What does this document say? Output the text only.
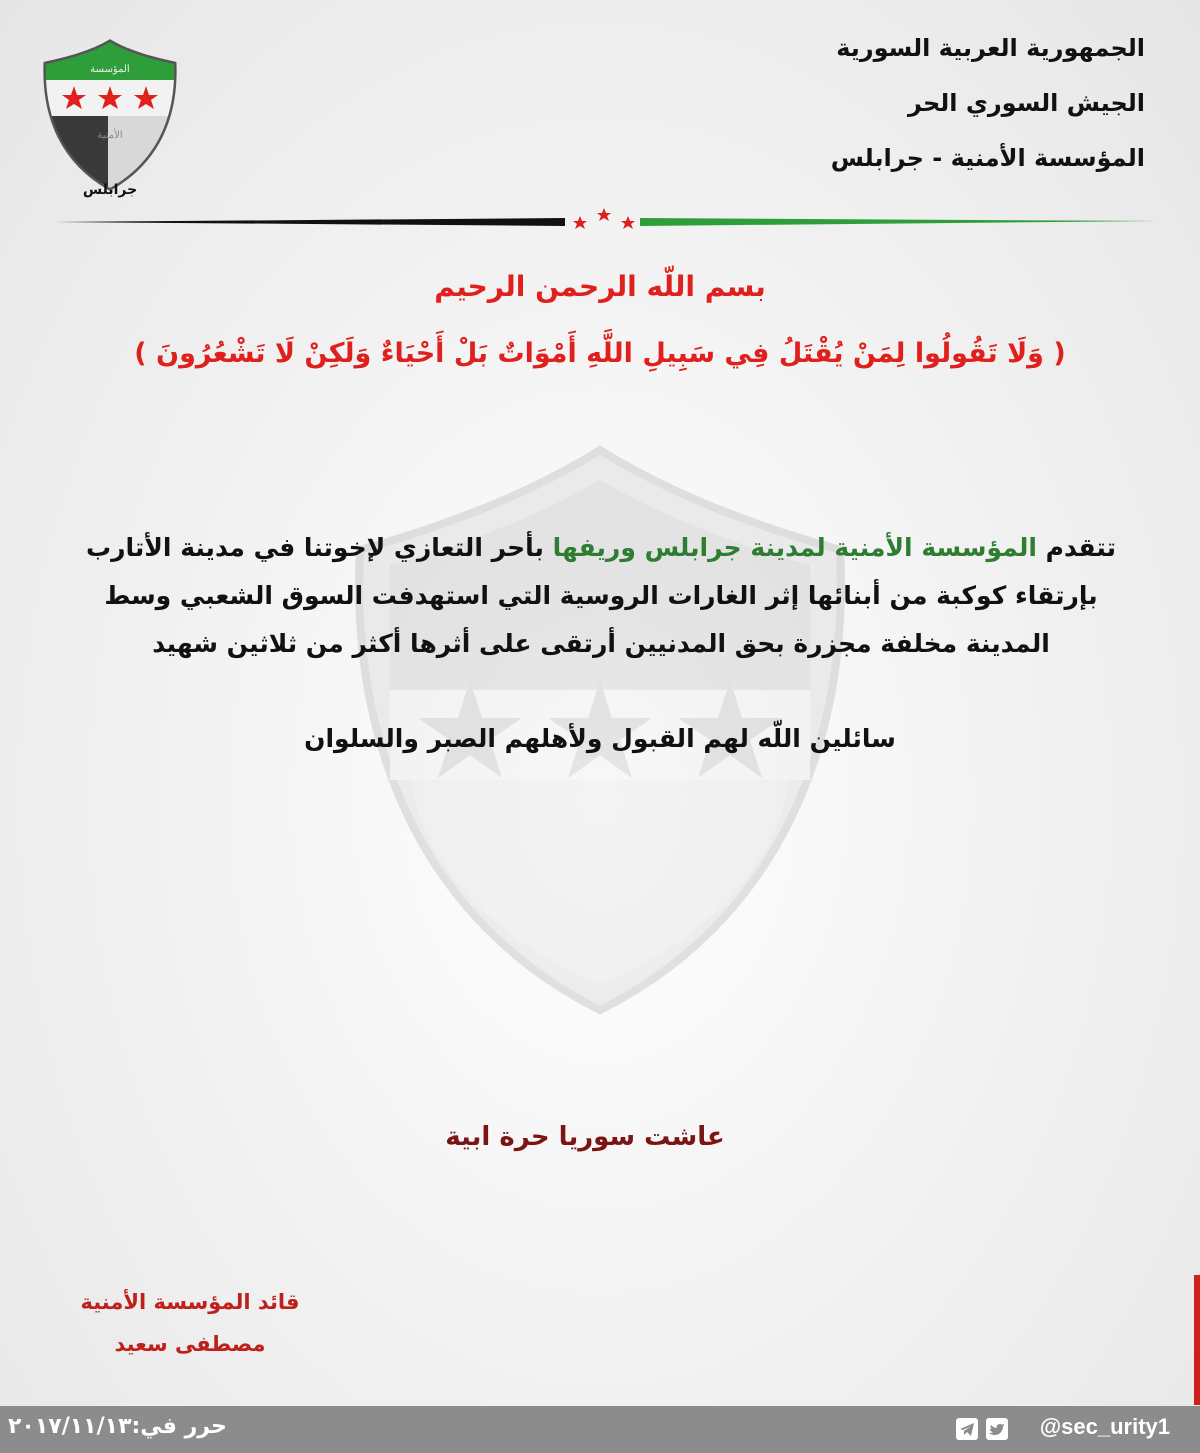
الجمهورية العربية السورية
الجيش السوري الحر
المؤسسة الأمنية - جرابلس
المؤسسة
الأمنية
جرابلس
بسم اللّه الرحمن الرحيم
( وَلَا تَقُولُوا لِمَنْ يُقْتَلُ فِي سَبِيلِ اللَّهِ أَمْوَاتٌ بَلْ أَحْيَاءٌ وَلَكِنْ لَا تَشْعُرُونَ )

تتقدم المؤسسة الأمنية لمدينة جرابلس وريفها بأحر التعازي لإخوتنا في مدينة الأتارب

بإرتقاء كوكبة من أبنائها إثر الغارات الروسية التي استهدفت السوق الشعبي وسط

المدينة مخلفة مجزرة بحق المدنيين أرتقى على أثرها أكثر من ثلاثين شهيد

سائلين اللّه لهم القبول ولأهلهم الصبر والسلوان
عاشت سوريا حرة ابية
قائد المؤسسة الأمنية
مصطفى سعيد
حرر في:٢٠١٧/١١/١٣	@sec_urity1
